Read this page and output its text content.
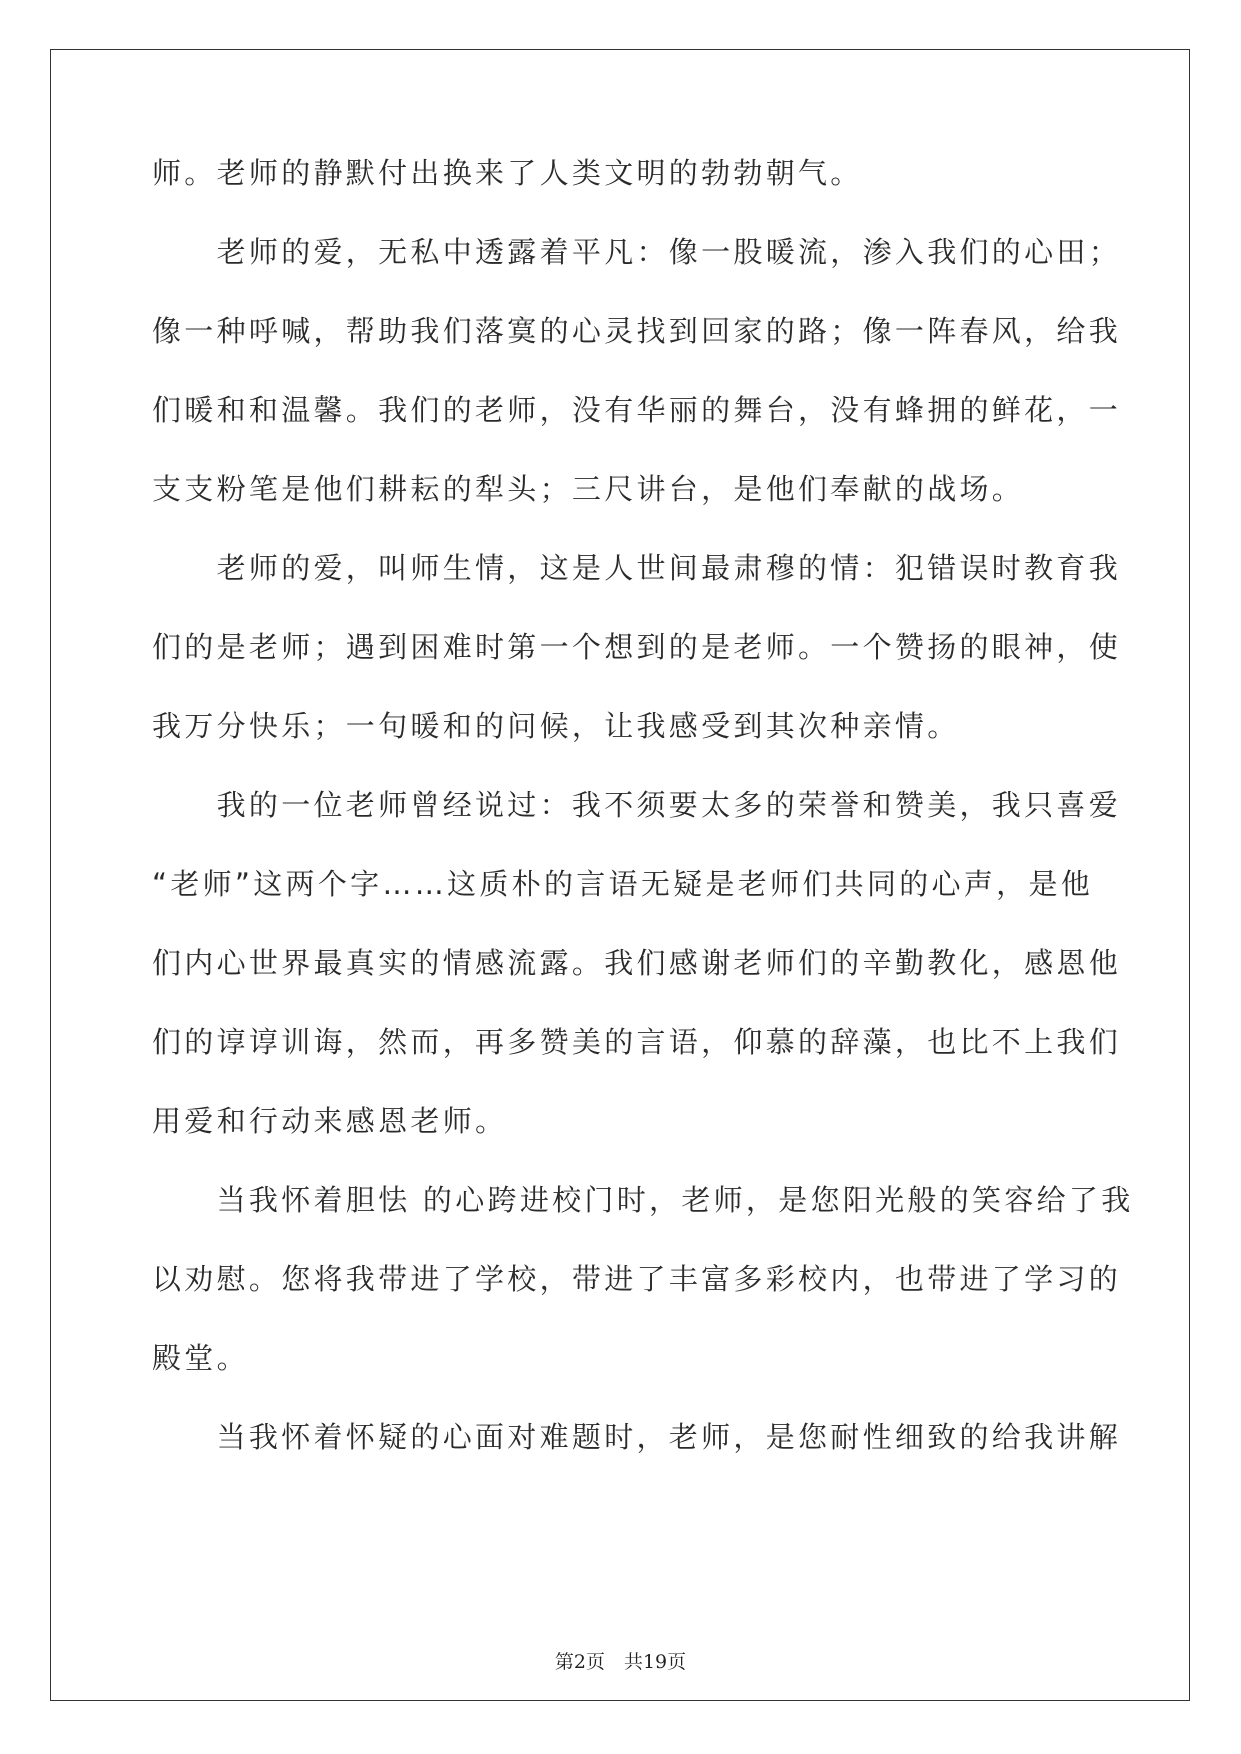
师。老师的静默付出换来了人类文明的勃勃朝气。
　　老师的爱，无私中透露着平凡：像一股暖流，渗入我们的心田；
像一种呼喊，帮助我们落寞的心灵找到回家的路；像一阵春风，给我
们暖和和温馨。我们的老师，没有华丽的舞台，没有蜂拥的鲜花，一
支支粉笔是他们耕耘的犁头；三尺讲台，是他们奉献的战场。
　　老师的爱，叫师生情，这是人世间最肃穆的情：犯错误时教育我
们的是老师；遇到困难时第一个想到的是老师。一个赞扬的眼神，使
我万分快乐；一句暖和的问候，让我感受到其次种亲情。
　　我的一位老师曾经说过：我不须要太多的荣誉和赞美，我只喜爱
“老师”这两个字……这质朴的言语无疑是老师们共同的心声，是他
们内心世界最真实的情感流露。我们感谢老师们的辛勤教化，感恩他
们的谆谆训诲，然而，再多赞美的言语，仰慕的辞藻，也比不上我们
用爱和行动来感恩老师。
　　当我怀着胆怯 的心跨进校门时，老师，是您阳光般的笑容给了我
以劝慰。您将我带进了学校，带进了丰富多彩校内，也带进了学习的
殿堂。
　　当我怀着怀疑的心面对难题时，老师，是您耐性细致的给我讲解
第2页　共19页
